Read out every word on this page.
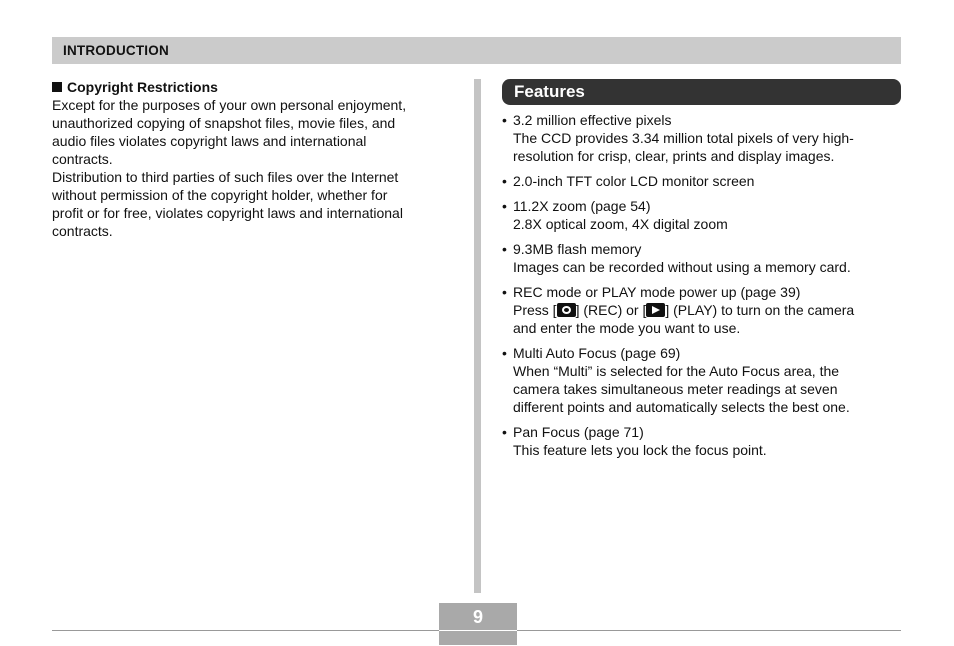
INTRODUCTION
Copyright Restrictions

Except for the purposes of your own personal enjoyment,
unauthorized copying of snapshot files, movie files, and
audio files violates copyright laws and international
contracts.

Distribution to third parties of such files over the Internet
without permission of the copyright holder, whether for
profit or for free, violates copyright laws and international
contracts.

Features
• 3.2 million effective pixels
The CCD provides 3.34 million total pixels of very high-
resolution for crisp, clear, prints and display images.
• 2.0-inch TFT color LCD monitor screen
• 11.2X zoom (page 54)
2.8X optical zoom, 4X digital zoom
• 9.3MB flash memory
Images can be recorded without using a memory card.
• REC mode or PLAY mode power up (page 39)
Press [ ] (REC) or [ ] (PLAY) to turn on the camera
and enter the mode you want to use.
• Multi Auto Focus (page 69)
When “Multi” is selected for the Auto Focus area, the
camera takes simultaneous meter readings at seven
different points and automatically selects the best one.
• Pan Focus (page 71)
This feature lets you lock the focus point.
9
